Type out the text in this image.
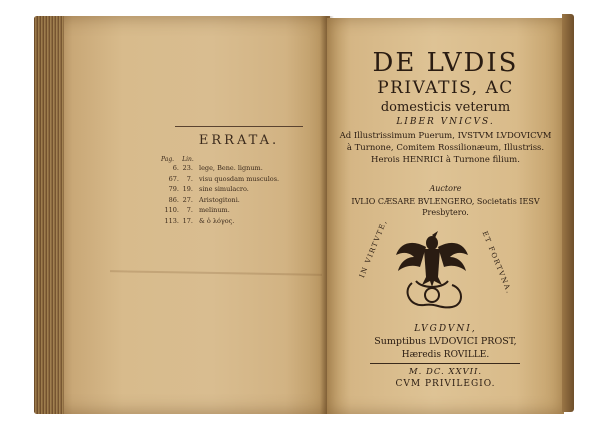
ERRATA.
Pag. Lin.
6. 23. lege, Bene. lignum.
67.	7. visu quosdam musculos.
79. 19. sine simulacro.
86. 27. Aristogitoni.
110.	7. melinum.
113. 17. & ὁ λόγος.
DE LVDIS
PRIVATIS, AC
domesticis veterum
LIBER VNICVS.
Ad Illustrissimum Puerum, IVSTVM LVDOVICVM à Turnone, Comitem Rossilionæum, Illustriss. Herois HENRICI à Turnone filium.
Auctore
IVLIO CÆSARE BVLENGERO, Societatis IESV Presbytero.
IN VIRTVTE,	ET FORTVNA.
LVGDVNI,
Sumptibus LVDOVICI PROST,
Hæredis ROVILLE.
M. DC. XXVII.
CVM PRIVILEGIO.
